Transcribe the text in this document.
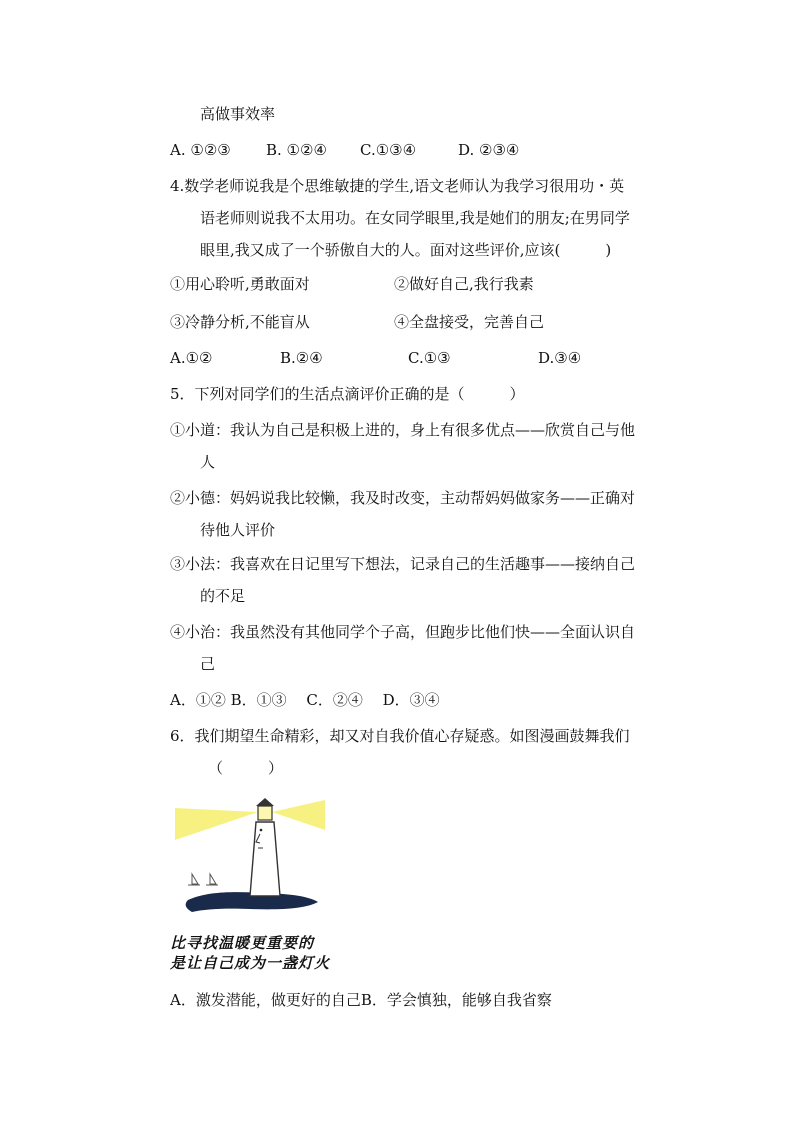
高做事效率
A. ①②③ B. ①②④ C.①③④	D. ②③④
4.数学老师说我是个思维敏捷的学生,语文老师认为我学习很用功・英
语老师则说我不太用功。在女同学眼里,我是她们的朋友;在男同学
眼里,我又成了一个骄傲自大的人。面对这些评价,应该(　　　)
①用心聆听,勇敢面对	②做好自己,我行我素
③冷静分析,不能盲从	④全盘接受，完善自己
A.①②	B.②④	C.①③	D.③④
5．下列对同学们的生活点滴评价正确的是（　　　）
①小道：我认为自己是积极上进的，身上有很多优点——欣赏自己与他
人
②小德：妈妈说我比较懒，我及时改变，主动帮妈妈做家务——正确对
待他人评价
③小法：我喜欢在日记里写下想法，记录自己的生活趣事——接纳自己
的不足
④小治：我虽然没有其他同学个子高，但跑步比他们快——全面认识自
己
A．①② B．①③　 C．②④　 D．③④
6．我们期望生命精彩，却又对自我价值心存疑惑。如图漫画鼓舞我们
（　　　）
比寻找温暖更重要的
是让自己成为一盏灯火
A．激发潜能，做更好的自己B．学会慎独，能够自我省察
